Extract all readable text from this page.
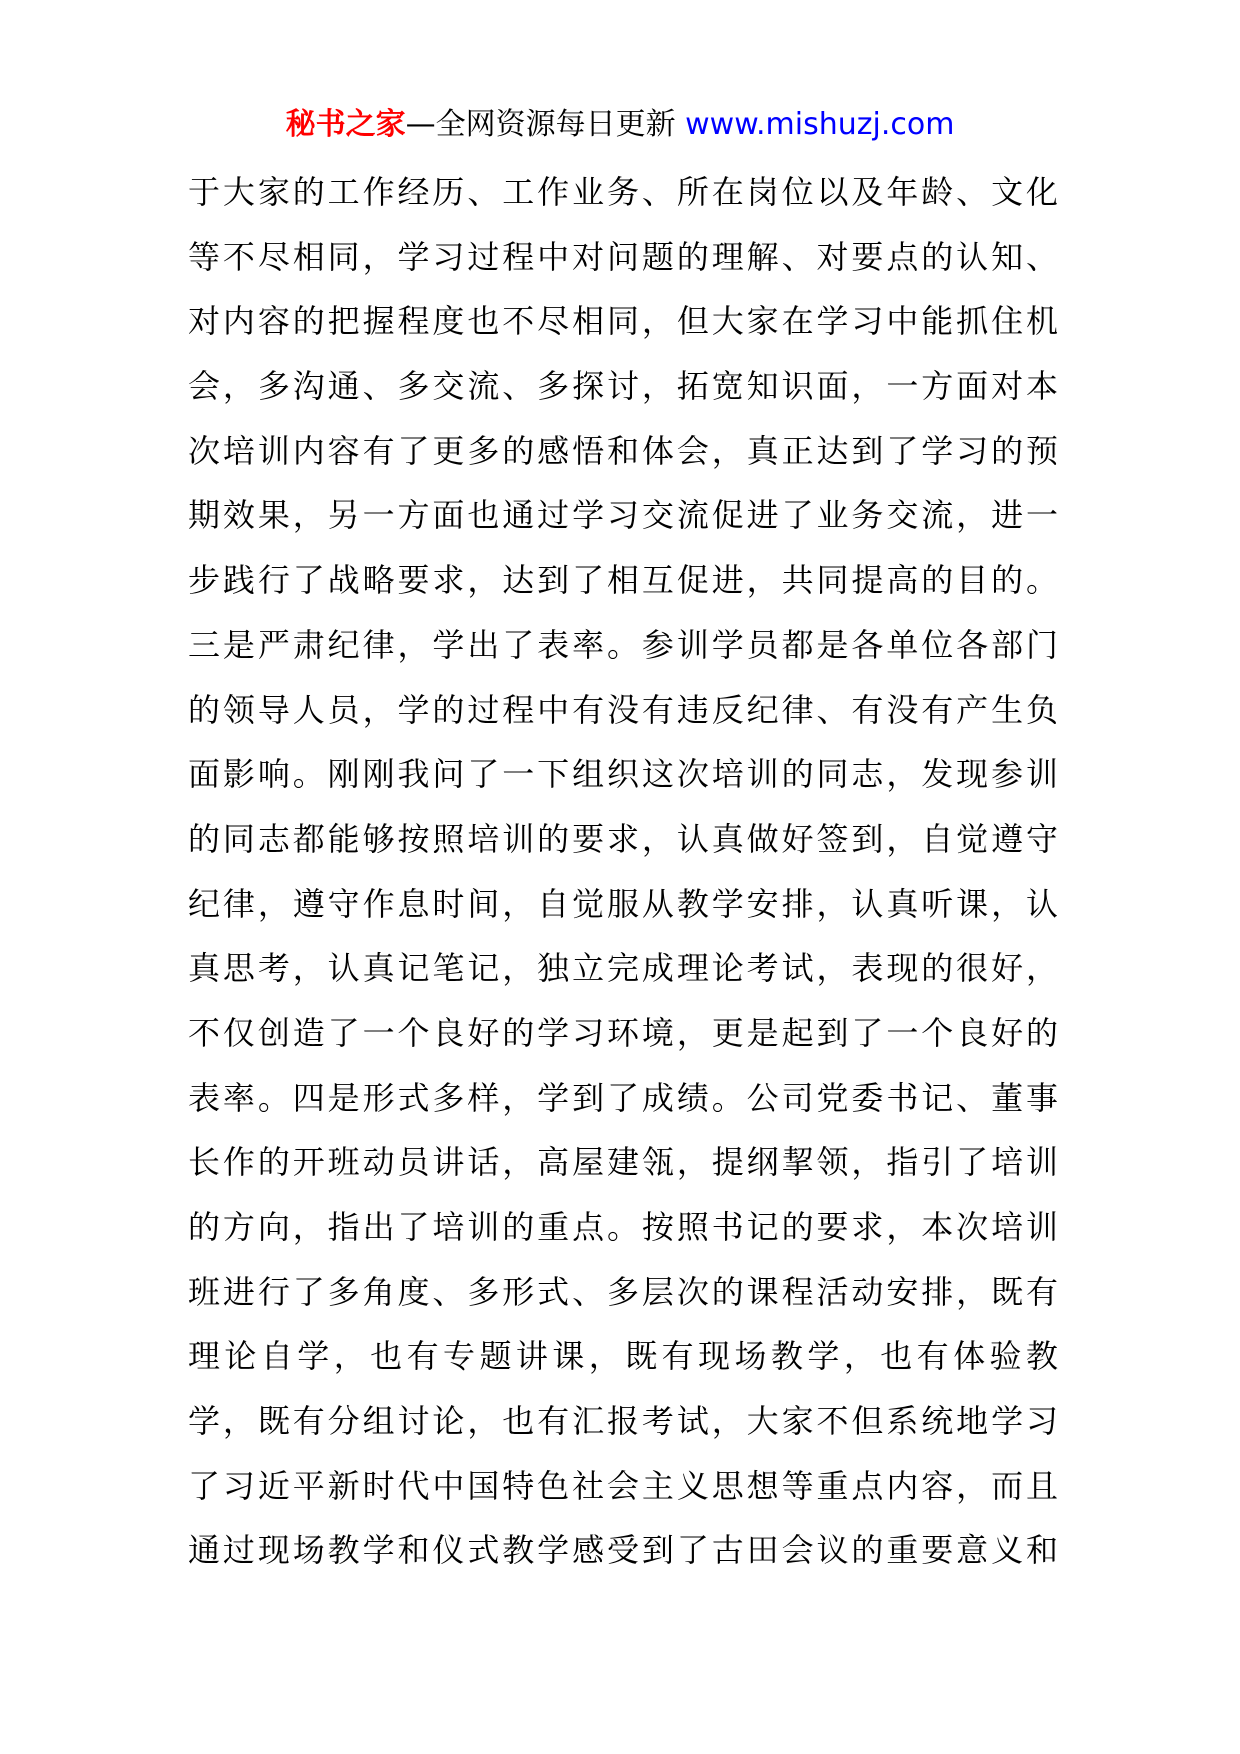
秘书之家—全网资源每日更新 www.mishuzj.com
于大家的工作经历、工作业务、所在岗位以及年龄、文化
等不尽相同，学习过程中对问题的理解、对要点的认知、
对内容的把握程度也不尽相同，但大家在学习中能抓住机
会，多沟通、多交流、多探讨，拓宽知识面，一方面对本
次培训内容有了更多的感悟和体会，真正达到了学习的预
期效果，另一方面也通过学习交流促进了业务交流，进一
步践行了战略要求，达到了相互促进，共同提高的目的。
三是严肃纪律，学出了表率。参训学员都是各单位各部门
的领导人员，学的过程中有没有违反纪律、有没有产生负
面影响。刚刚我问了一下组织这次培训的同志，发现参训
的同志都能够按照培训的要求，认真做好签到，自觉遵守
纪律，遵守作息时间，自觉服从教学安排，认真听课，认
真思考，认真记笔记，独立完成理论考试，表现的很好，
不仅创造了一个良好的学习环境，更是起到了一个良好的
表率。四是形式多样，学到了成绩。公司党委书记、董事
长作的开班动员讲话，高屋建瓴，提纲挈领，指引了培训
的方向，指出了培训的重点。按照书记的要求，本次培训
班进行了多角度、多形式、多层次的课程活动安排，既有
理论自学，也有专题讲课，既有现场教学，也有体验教
学，既有分组讨论，也有汇报考试，大家不但系统地学习
了习近平新时代中国特色社会主义思想等重点内容，而且
通过现场教学和仪式教学感受到了古田会议的重要意义和
